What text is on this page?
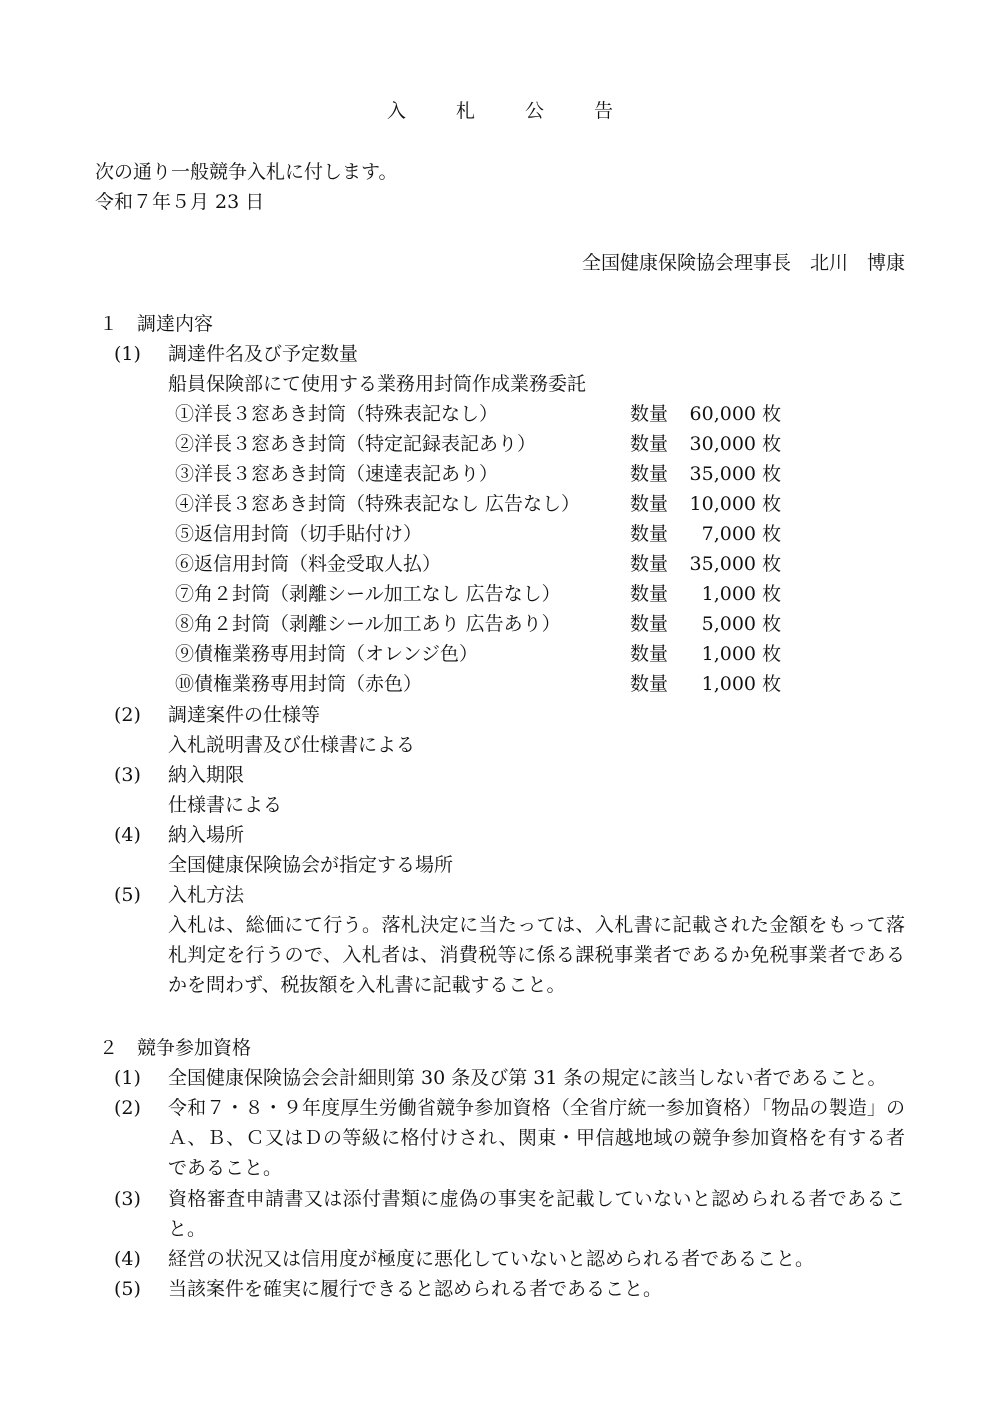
入 札 公 告
次の通り一般競争入札に付します。
令和７年５月 23 日
全国健康保険協会理事長　北川　博康
１ 調達内容
(1) 調達件名及び予定数量
船員保険部にて使用する業務用封筒作成業務委託
①洋長３窓あき封筒（特殊表記なし）	数量 60,000 枚
②洋長３窓あき封筒（特定記録表記あり）	数量 30,000 枚
③洋長３窓あき封筒（速達表記あり）	数量 35,000 枚
④洋長３窓あき封筒（特殊表記なし 広告なし）	数量 10,000 枚
⑤返信用封筒（切手貼付け）	数量 7,000 枚
⑥返信用封筒（料金受取人払）	数量 35,000 枚
⑦角２封筒（剥離シール加工なし 広告なし）	数量 1,000 枚
⑧角２封筒（剥離シール加工あり 広告あり）	数量 5,000 枚
⑨債権業務専用封筒（オレンジ色）	数量 1,000 枚
⑩債権業務専用封筒（赤色）	数量 1,000 枚
(2) 調達案件の仕様等
入札説明書及び仕様書による
(3) 納入期限
仕様書による
(4) 納入場所
全国健康保険協会が指定する場所
(5) 入札方法
入札は、総価にて行う。落札決定に当たっては、入札書に記載された金額をもって落札判定を行うので、入札者は、消費税等に係る課税事業者であるか免税事業者であるかを問わず、税抜額を入札書に記載すること。
２ 競争参加資格
(1) 全国健康保険協会会計細則第 30 条及び第 31 条の規定に該当しない者であること。
(2) 令和７・８・９年度厚生労働省競争参加資格（全省庁統一参加資格）「物品の製造」のＡ、Ｂ、Ｃ又はＤの等級に格付けされ、関東・甲信越地域の競争参加資格を有する者であること。
(3) 資格審査申請書又は添付書類に虚偽の事実を記載していないと認められる者であること。
(4) 経営の状況又は信用度が極度に悪化していないと認められる者であること。
(5) 当該案件を確実に履行できると認められる者であること。
